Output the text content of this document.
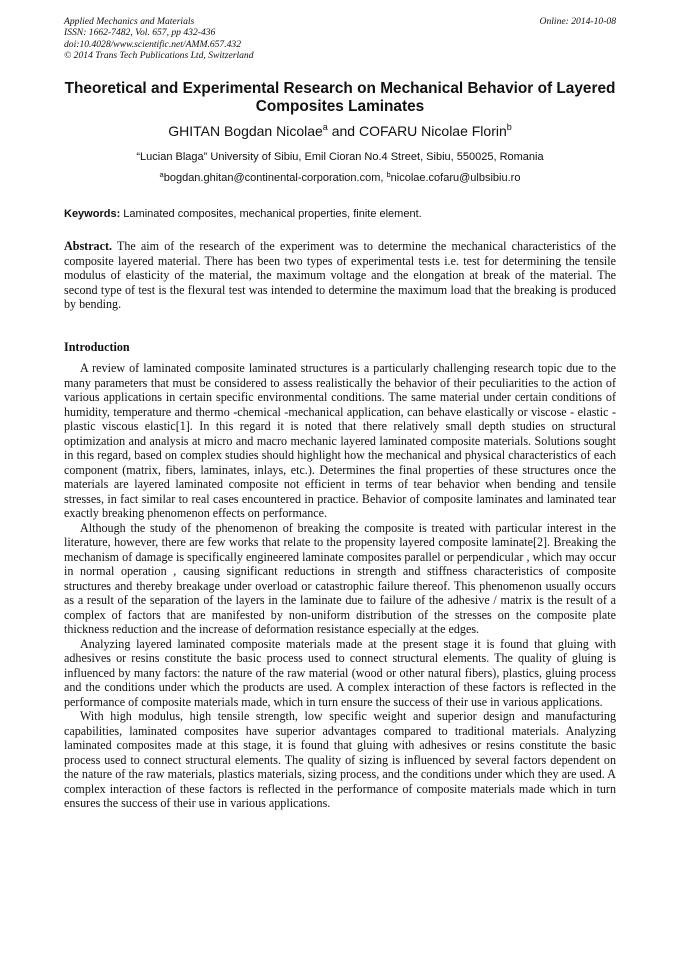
Applied Mechanics and Materials
ISSN: 1662-7482, Vol. 657, pp 432-436
doi:10.4028/www.scientific.net/AMM.657.432
© 2014 Trans Tech Publications Ltd, Switzerland
Online: 2014-10-08
Theoretical and Experimental Research on Mechanical Behavior of Layered Composites Laminates
GHITAN Bogdan Nicolae$^a$ and COFARU Nicolae Florin$^b$
“Lucian Blaga” University of Sibiu, Emil Cioran No.4 Street, Sibiu, 550025, Romania
$^a$bogdan.ghitan@continental-corporation.com, $^b$nicolae.cofaru@ulbsibiu.ro
Keywords: Laminated composites, mechanical properties, finite element.

Abstract. The aim of the research of the experiment was to determine the mechanical characteristics of the composite layered material. There has been two types of experimental tests i.e. test for determining the tensile modulus of elasticity of the material, the maximum voltage and the elongation at break of the material. The second type of test is the flexural test was intended to determine the maximum load that the breaking is produced by bending.

Introduction

A review of laminated composite laminated structures is a particularly challenging research topic due to the many parameters that must be considered to assess realistically the behavior of their peculiarities to the action of various applications in certain specific environmental conditions. The same material under certain conditions of humidity, temperature and thermo -chemical -mechanical application, can behave elastically or viscose - elastic - plastic viscous elastic[1]. In this regard it is noted that there relatively small depth studies on structural optimization and analysis at micro and macro mechanic layered laminated composite materials. Solutions sought in this regard, based on complex studies should highlight how the mechanical and physical characteristics of each component (matrix, fibers, laminates, inlays, etc.). Determines the final properties of these structures once the materials are layered laminated composite not efficient in terms of tear behavior when bending and tensile stresses, in fact similar to real cases encountered in practice. Behavior of composite laminates and laminated tear exactly breaking phenomenon effects on performance.

Although the study of the phenomenon of breaking the composite is treated with particular interest in the literature, however, there are few works that relate to the propensity layered composite laminate[2]. Breaking the mechanism of damage is specifically engineered laminate composites parallel or perpendicular , which may occur in normal operation , causing significant reductions in strength and stiffness characteristics of composite structures and thereby breakage under overload or catastrophic failure thereof. This phenomenon usually occurs as a result of the separation of the layers in the laminate due to failure of the adhesive / matrix is the result of a complex of factors that are manifested by non-uniform distribution of the stresses on the composite plate thickness reduction and the increase of deformation resistance especially at the edges.

Analyzing layered laminated composite materials made at the present stage it is found that gluing with adhesives or resins constitute the basic process used to connect structural elements. The quality of gluing is influenced by many factors: the nature of the raw material (wood or other natural fibers), plastics, gluing process and the conditions under which the products are used. A complex interaction of these factors is reflected in the performance of composite materials made, which in turn ensure the success of their use in various applications.

With high modulus, high tensile strength, low specific weight and superior design and manufacturing capabilities, laminated composites have superior advantages compared to traditional materials. Analyzing laminated composites made at this stage, it is found that gluing with adhesives or resins constitute the basic process used to connect structural elements. The quality of sizing is influenced by several factors dependent on the nature of the raw materials, plastics materials, sizing process, and the conditions under which they are used. A complex interaction of these factors is reflected in the performance of composite materials made which in turn ensures the success of their use in various applications.
